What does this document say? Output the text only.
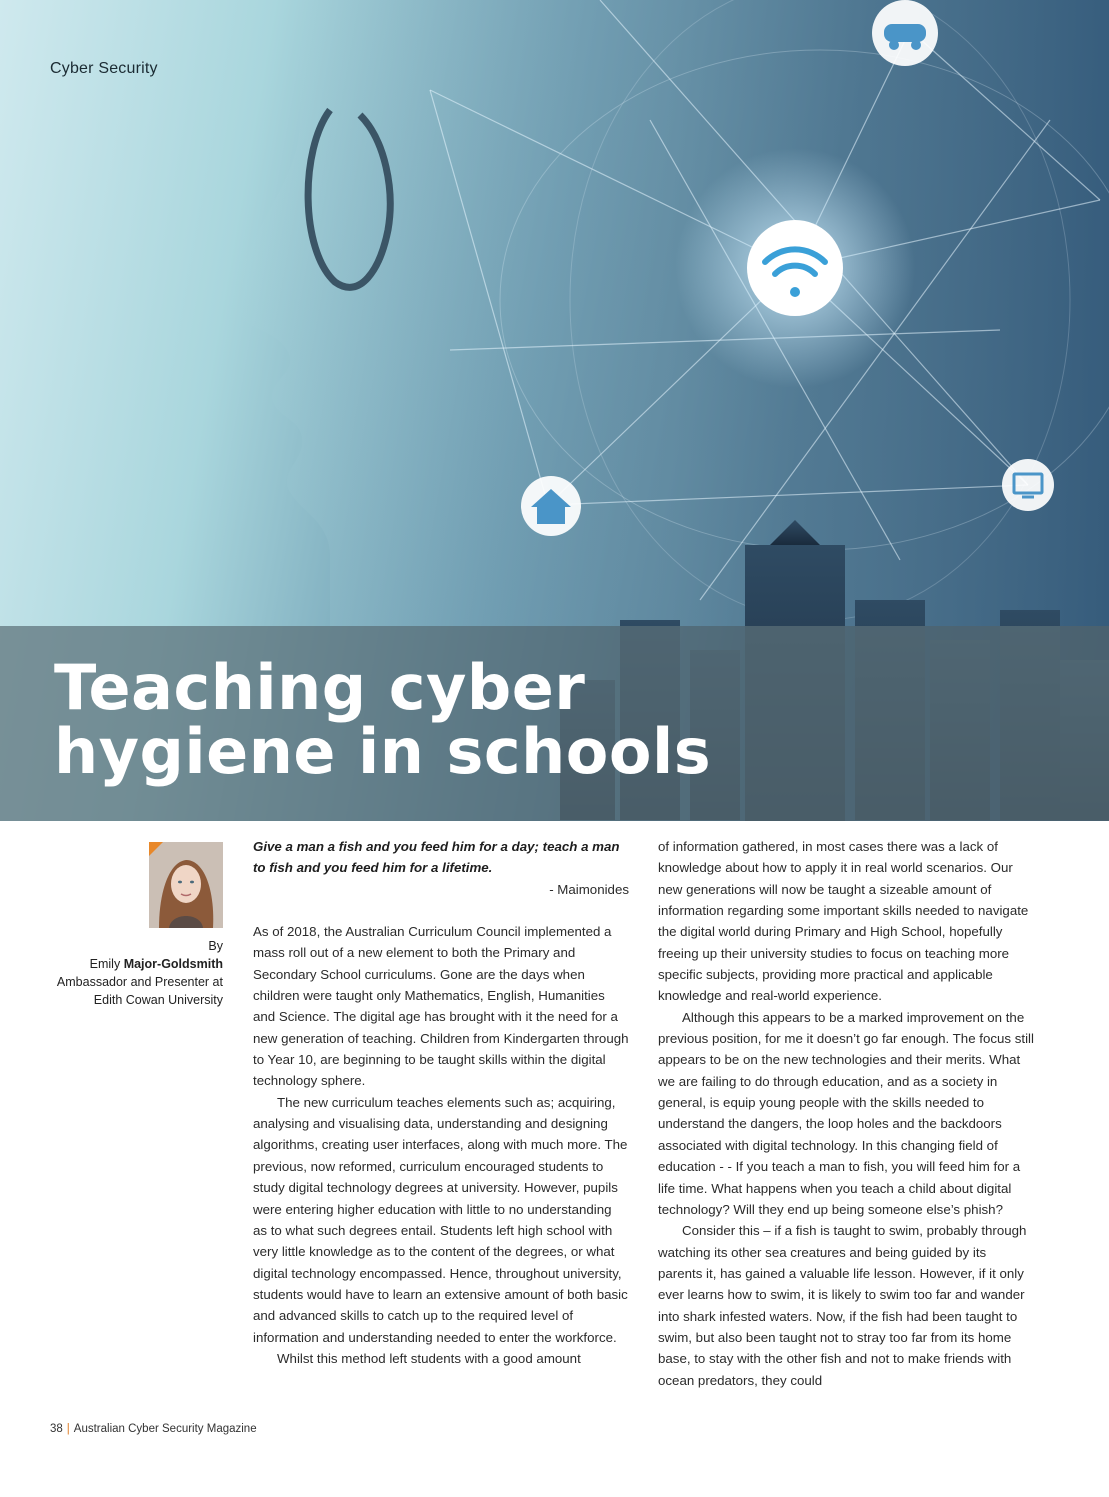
Cyber Security
Teaching cyber
hygiene in schools
By
Emily Major-Goldsmith
Ambassador and Presenter at
Edith Cowan University

Give a man a fish and you feed him for a day; teach a man to fish and you feed him for a lifetime.

- Maimonides

As of 2018, the Australian Curriculum Council implemented a mass roll out of a new element to both the Primary and Secondary School curriculums. Gone are the days when children were taught only Mathematics, English, Humanities and Science. The digital age has brought with it the need for a new generation of teaching. Children from Kindergarten through to Year 10, are beginning to be taught skills within the digital technology sphere.

The new curriculum teaches elements such as; acquiring, analysing and visualising data, understanding and designing algorithms, creating user interfaces, along with much more. The previous, now reformed, curriculum encouraged students to study digital technology degrees at university. However, pupils were entering higher education with little to no understanding as to what such degrees entail. Students left high school with very little knowledge as to the content of the degrees, or what digital technology encompassed. Hence, throughout university, students would have to learn an extensive amount of both basic and advanced skills to catch up to the required level of information and understanding needed to enter the workforce.

Whilst this method left students with a good amount

of information gathered, in most cases there was a lack of knowledge about how to apply it in real world scenarios. Our new generations will now be taught a sizeable amount of information regarding some important skills needed to navigate the digital world during Primary and High School, hopefully freeing up their university studies to focus on teaching more specific subjects, providing more practical and applicable knowledge and real-world experience.

Although this appears to be a marked improvement on the previous position, for me it doesn’t go far enough. The focus still appears to be on the new technologies and their merits. What we are failing to do through education, and as a society in general, is equip young people with the skills needed to understand the dangers, the loop holes and the backdoors associated with digital technology. In this changing field of education - - If you teach a man to fish, you will feed him for a life time. What happens when you teach a child about digital technology? Will they end up being someone else’s phish?

Consider this – if a fish is taught to swim, probably through watching its other sea creatures and being guided by its parents it, has gained a valuable life lesson. However, if it only ever learns how to swim, it is likely to swim too far and wander into shark infested waters. Now, if the fish had been taught to swim, but also been taught not to stray too far from its home base, to stay with the other fish and not to make friends with ocean predators, they could

38 | Australian Cyber Security Magazine
